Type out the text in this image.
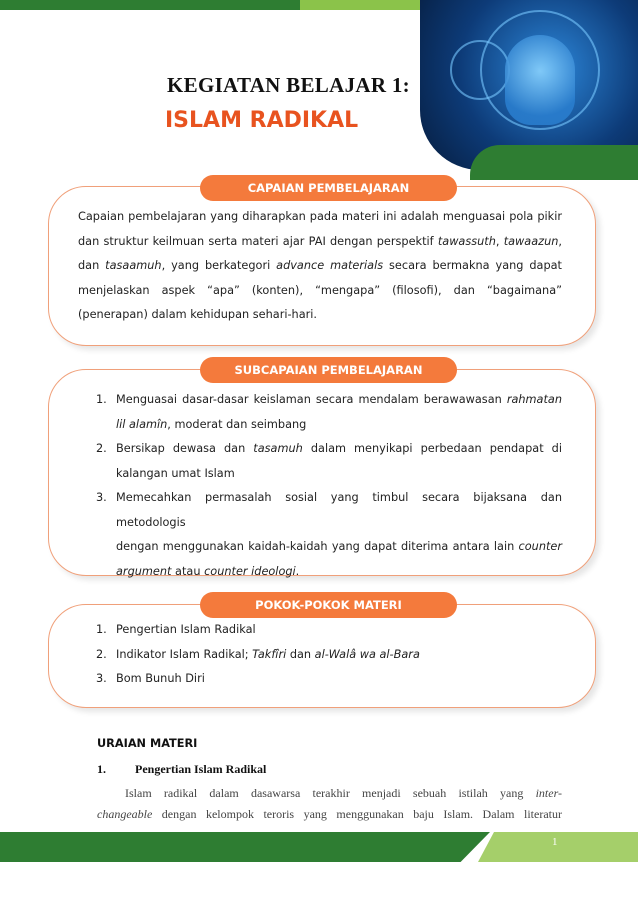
KEGIATAN BELAJAR 1:
ISLAM RADIKAL
CAPAIAN PEMBELAJARAN
Capaian pembelajaran yang diharapkan pada materi ini adalah menguasai pola pikir
dan struktur keilmuan serta materi ajar PAI dengan perspektif tawassuth, tawaazun,
dan tasaamuh, yang berkategori advance materials secara bermakna yang dapat
menjelaskan aspek “apa” (konten), “mengapa” (filosofi), dan “bagaimana”
(penerapan) dalam kehidupan sehari-hari.
SUBCAPAIAN PEMBELAJARAN
1. Menguasai dasar-dasar keislaman secara mendalam berawawasan rahmatan
lil alamîn, moderat dan seimbang
2. Bersikap dewasa dan tasamuh dalam menyikapi perbedaan pendapat di
kalangan umat Islam
3. Memecahkan permasalah sosial yang timbul secara bijaksana dan metodologis
dengan menggunakan kaidah-kaidah yang dapat diterima antara lain counter
argument atau counter ideologi.
POKOK-POKOK MATERI
1. Pengertian Islam Radikal
2. Indikator Islam Radikal; Takfîri dan al-Walâ wa al-Bara
3. Bom Bunuh Diri
URAIAN MATERI
1. Pengertian Islam Radikal
Islam radikal dalam dasawarsa terakhir menjadi sebuah istilah yang inter-
changeable dengan kelompok teroris yang menggunakan baju Islam. Dalam literatur
1
